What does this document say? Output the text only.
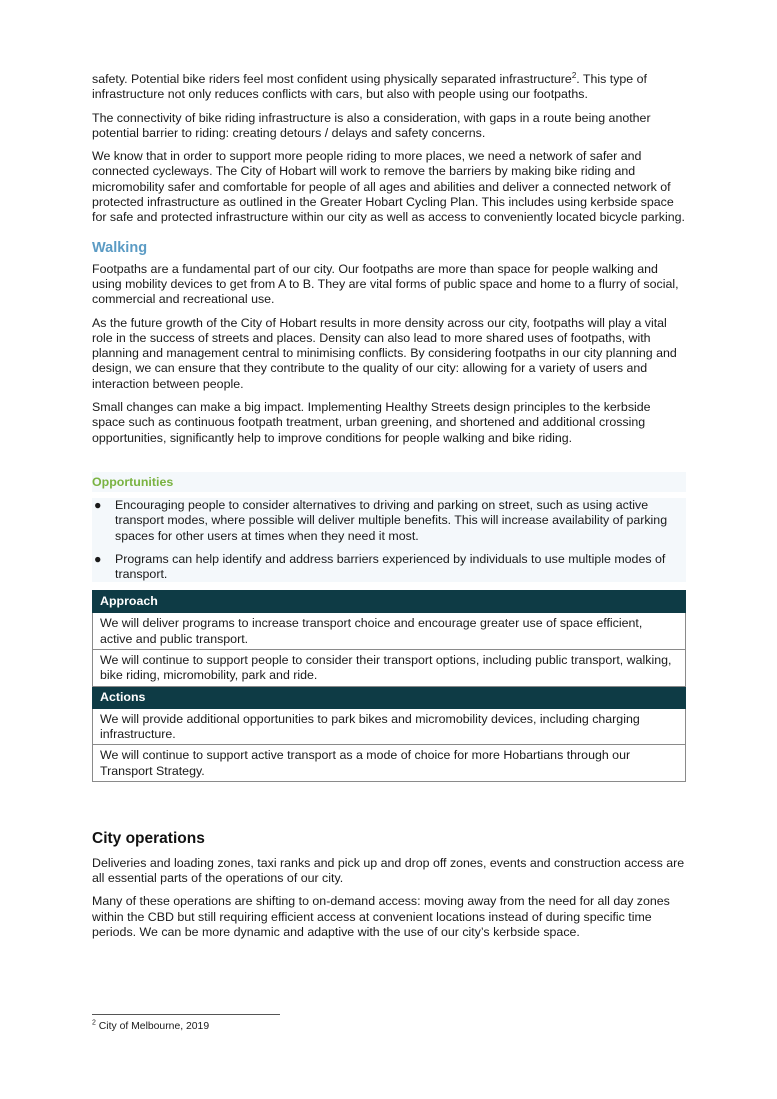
safety. Potential bike riders feel most confident using physically separated infrastructure$^2$. This type of infrastructure not only reduces conflicts with cars, but also with people using our footpaths.

The connectivity of bike riding infrastructure is also a consideration, with gaps in a route being another potential barrier to riding: creating detours / delays and safety concerns.

We know that in order to support more people riding to more places, we need a network of safer and connected cycleways. The City of Hobart will work to remove the barriers by making bike riding and micromobility safer and comfortable for people of all ages and abilities and deliver a connected network of protected infrastructure as outlined in the Greater Hobart Cycling Plan. This includes using kerbside space for safe and protected infrastructure within our city as well as access to conveniently located bicycle parking.

Walking

Footpaths are a fundamental part of our city. Our footpaths are more than space for people walking and using mobility devices to get from A to B. They are vital forms of public space and home to a flurry of social, commercial and recreational use.

As the future growth of the City of Hobart results in more density across our city, footpaths will play a vital role in the success of streets and places. Density can also lead to more shared uses of footpaths, with planning and management central to minimising conflicts. By considering footpaths in our city planning and design, we can ensure that they contribute to the quality of our city: allowing for a variety of users and interaction between people.

Small changes can make a big impact. Implementing Healthy Streets design principles to the kerbside space such as continuous footpath treatment, urban greening, and shortened and additional crossing opportunities, significantly help to improve conditions for people walking and bike riding.

Opportunities
● Encouraging people to consider alternatives to driving and parking on street, such as using active transport modes, where possible will deliver multiple benefits. This will increase availability of parking spaces for other users at times when they need it most.
● Programs can help identify and address barriers experienced by individuals to use multiple modes of transport.
Approach
We will deliver programs to increase transport choice and encourage greater use of space efficient, active and public transport.
We will continue to support people to consider their transport options, including public transport, walking, bike riding, micromobility, park and ride.
Actions
We will provide additional opportunities to park bikes and micromobility devices, including charging infrastructure.
We will continue to support active transport as a mode of choice for more Hobartians through our Transport Strategy.
City operations

Deliveries and loading zones, taxi ranks and pick up and drop off zones, events and construction access are all essential parts of the operations of our city.

Many of these operations are shifting to on-demand access: moving away from the need for all day zones within the CBD but still requiring efficient access at convenient locations instead of during specific time periods. We can be more dynamic and adaptive with the use of our city’s kerbside space.

$^2$ City of Melbourne, 2019
